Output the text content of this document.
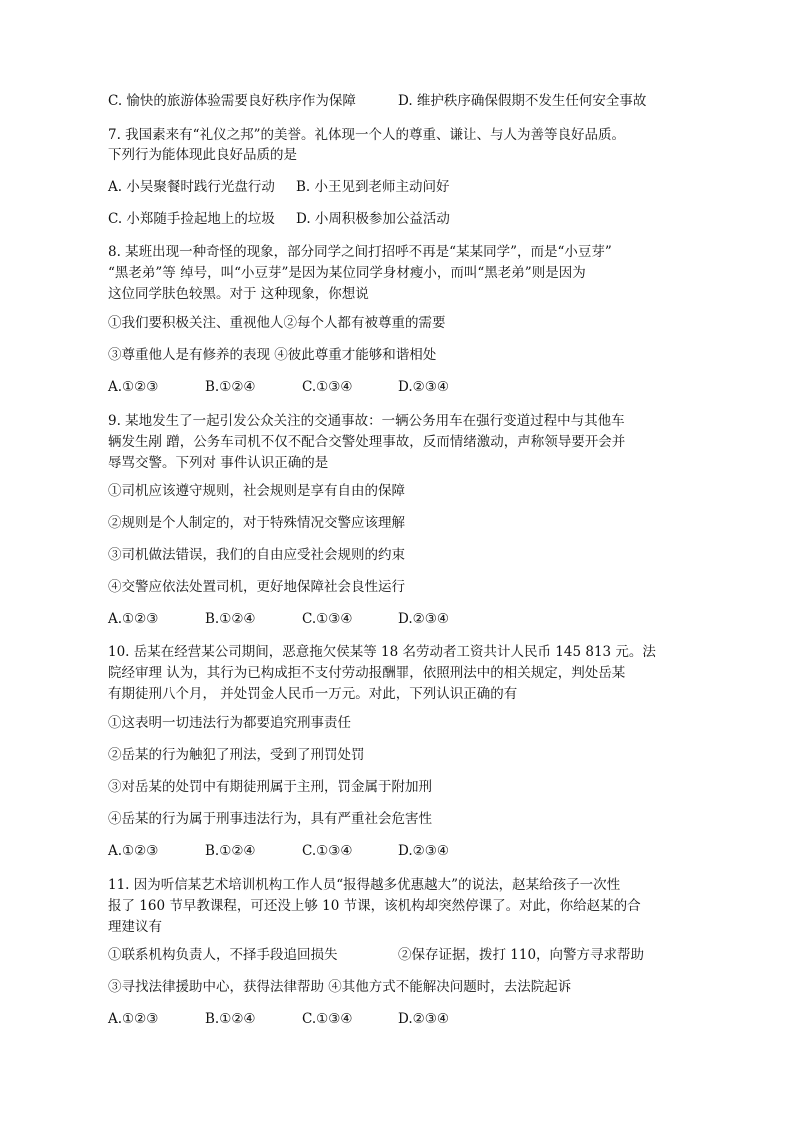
C. 愉快的旅游体验需要良好秩序作为保障	D. 维护秩序确保假期不发生任何安全事故
7. 我国素来有“礼仪之邦”的美誉。礼体现一个人的尊重、谦让、与人为善等良好品质。
下列行为能体现此良好品质的是
A. 小吴聚餐时践行光盘行动 B. 小王见到老师主动问好
C. 小郑随手捡起地上的垃圾 D. 小周积极参加公益活动
8. 某班出现一种奇怪的现象，部分同学之间打招呼不再是“某某同学”，而是“小豆芽”
“黑老弟”等 绰号，叫“小豆芽”是因为某位同学身材瘦小，而叫“黑老弟”则是因为
这位同学肤色较黑。对于 这种现象，你想说
①我们要积极关注、重视他人②每个人都有被尊重的需要
③尊重他人是有修养的表现 ④彼此尊重才能够和谐相处
A.①②③	B.①②④	C.①③④	D.②③④
9. 某地发生了一起引发公众关注的交通事故：一辆公务用车在强行变道过程中与其他车
辆发生剐 蹭，公务车司机不仅不配合交警处理事故，反而情绪激动，声称领导要开会并
辱骂交警。下列对 事件认识正确的是
①司机应该遵守规则，社会规则是享有自由的保障
②规则是个人制定的，对于特殊情况交警应该理解
③司机做法错误，我们的自由应受社会规则的约束
④交警应依法处置司机，更好地保障社会良性运行
A.①②③	B.①②④	C.①③④	D.②③④
10. 岳某在经营某公司期间，恶意拖欠侯某等 18 名劳动者工资共计人民币 145 813 元。法
院经审理 认为，其行为已构成拒不支付劳动报酬罪，依照刑法中的相关规定，判处岳某
有期徒刑八个月， 并处罚金人民币一万元。对此，下列认识正确的有
①这表明一切违法行为都要追究刑事责任
②岳某的行为触犯了刑法，受到了刑罚处罚
③对岳某的处罚中有期徒刑属于主刑，罚金属于附加刑
④岳某的行为属于刑事违法行为，具有严重社会危害性
A.①②③	B.①②④	C.①③④	D.②③④
11. 因为听信某艺术培训机构工作人员“报得越多优惠越大”的说法，赵某给孩子一次性
报了 160 节早教课程，可还没上够 10 节课，该机构却突然停课了。对此，你给赵某的合
理建议有
①联系机构负责人，不择手段追回损失	②保存证据，拨打 110，向警方寻求帮助
③寻找法律援助中心，获得法律帮助 ④其他方式不能解决问题时，去法院起诉
A.①②③	B.①②④	C.①③④	D.②③④
